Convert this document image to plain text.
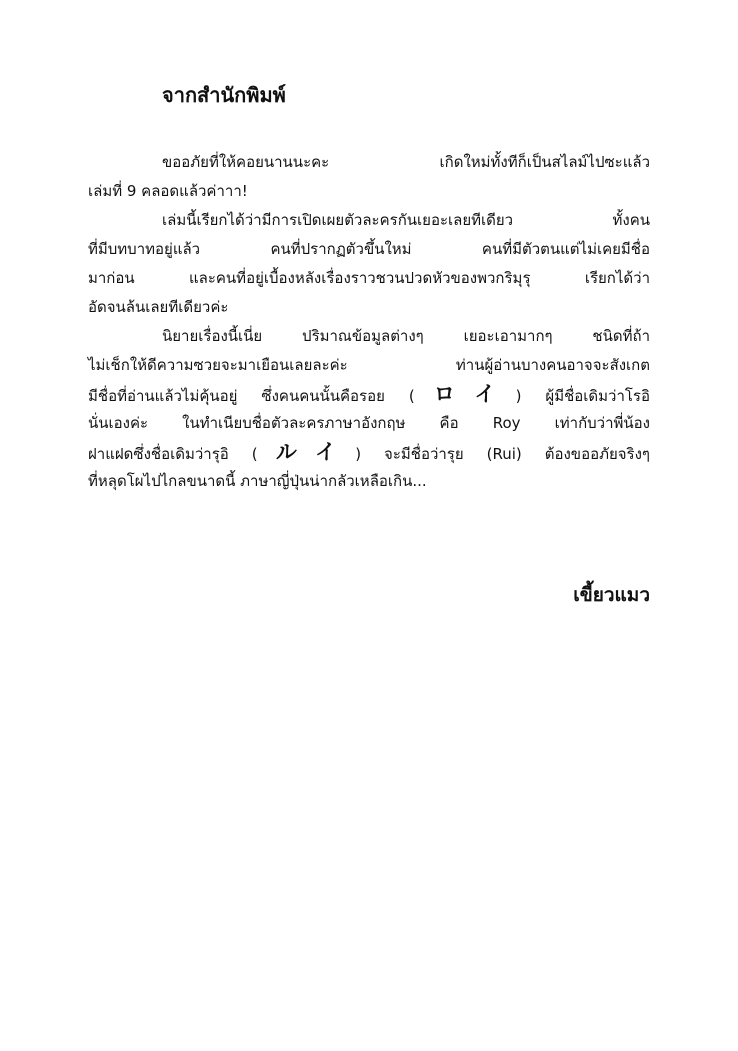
จากสำนักพิมพ์
ขออภัยที่ให้คอยนานนะคะ เกิดใหม่ทั้งทีก็เป็นสไลม์ไปซะแล้ว
เล่มที่ 9 คลอดแล้วค่าาา!
เล่มนี้เรียกได้ว่ามีการเปิดเผยตัวละครกันเยอะเลยทีเดียว ทั้งคน
ที่มีบทบาทอยู่แล้ว คนที่ปรากฏตัวขึ้นใหม่ คนที่มีตัวตนแต่ไม่เคยมีชื่อ
มาก่อน และคนที่อยู่เบื้องหลังเรื่องราวชวนปวดหัวของพวกริมุรุ เรียกได้ว่า
อัดจนล้นเลยทีเดียวค่ะ
นิยายเรื่องนี้เนี่ย ปริมาณข้อมูลต่างๆ เยอะเอามากๆ ชนิดที่ถ้า
ไม่เช็กให้ดีความซวยจะมาเยือนเลยละค่ะ ท่านผู้อ่านบางคนอาจจะสังเกต
มีชื่อที่อ่านแล้วไม่คุ้นอยู่ ซึ่งคนคนนั้นคือรอย (ロイ) ผู้มีชื่อเดิมว่าโรอิ
นั่นเองค่ะ ในทำเนียบชื่อตัวละครภาษาอังกฤษ คือ Roy เท่ากับว่าพี่น้อง
ฝาแฝดซึ่งชื่อเดิมว่ารุอิ (ルイ) จะมีชื่อว่ารุย (Rui) ต้องขออภัยจริงๆ
ที่หลุดโผไปไกลขนาดนี้ ภาษาญี่ปุ่นน่ากลัวเหลือเกิน...
เขี้ยวแมว
